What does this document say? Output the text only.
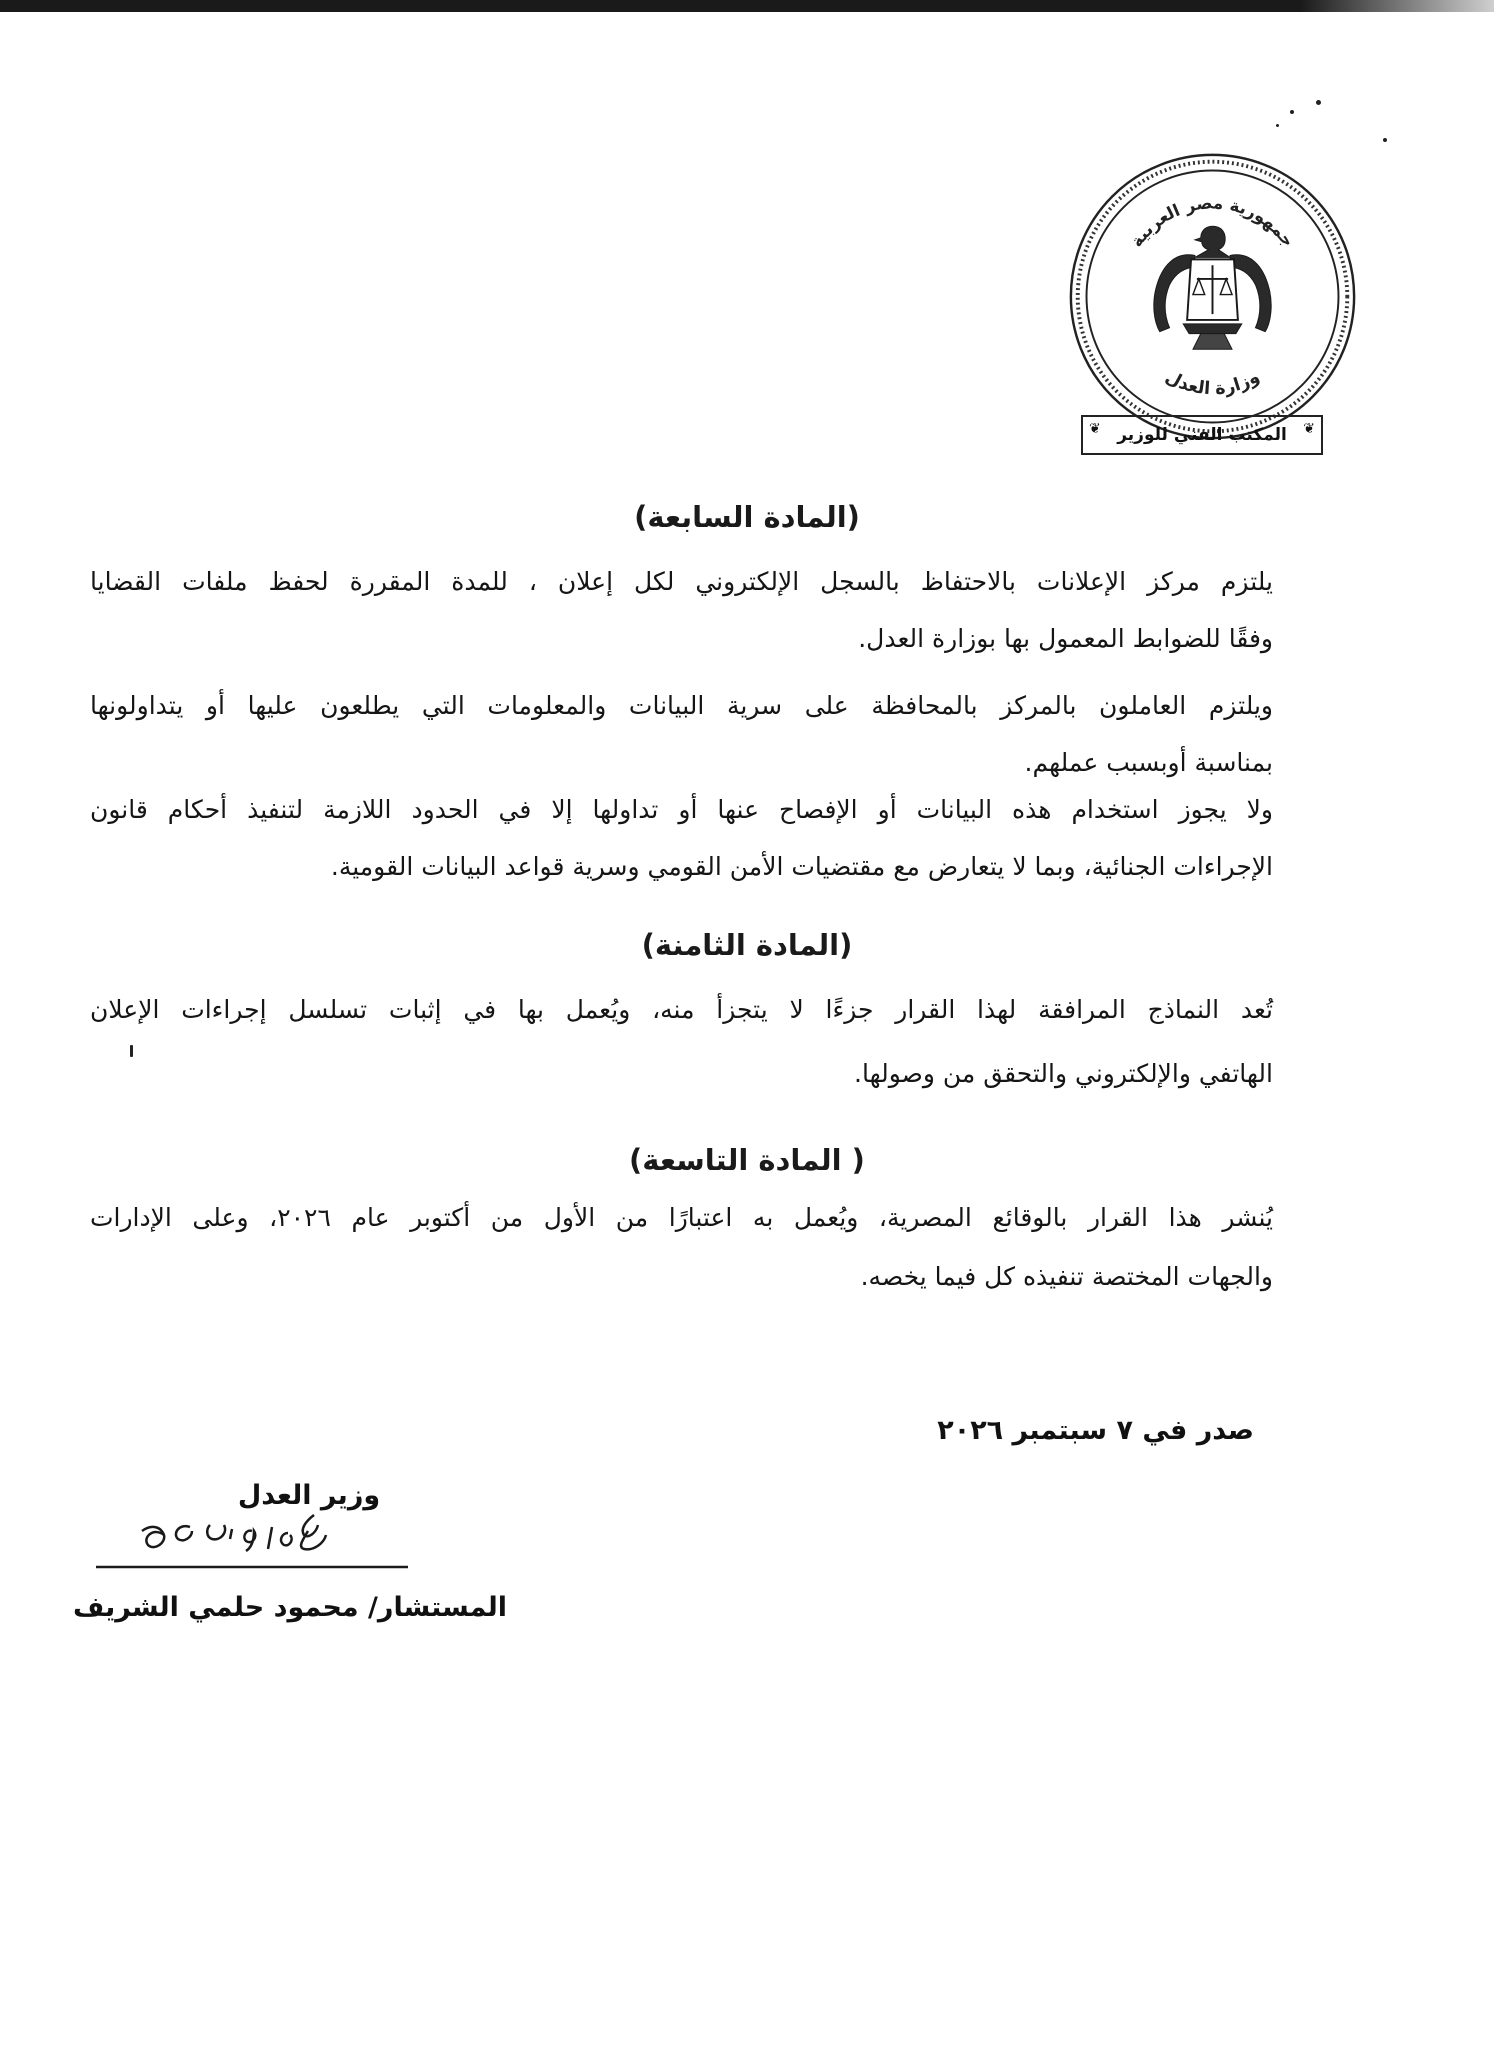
جمهورية مصر العربية
وزارة العدل
❦
المكتب الفني للوزير
❦
(المادة السابعة)
يلتزم مركز الإعلانات بالاحتفاظ بالسجل الإلكتروني لكل إعلان ، للمدة المقررة لحفظ ملفات القضايا
وفقًا للضوابط المعمول بها بوزارة العدل.
ويلتزم العاملون بالمركز بالمحافظة على سرية البيانات والمعلومات التي يطلعون عليها أو يتداولونها
بمناسبة أوبسبب عملهم.
ولا يجوز استخدام هذه البيانات أو الإفصاح عنها أو تداولها إلا في الحدود اللازمة لتنفيذ أحكام قانون
الإجراءات الجنائية، وبما لا يتعارض مع مقتضيات الأمن القومي وسرية قواعد البيانات القومية.
(المادة الثامنة)
تُعد النماذج المرافقة لهذا القرار جزءًا لا يتجزأ منه، ويُعمل بها في إثبات تسلسل إجراءات الإعلان
الهاتفي والإلكتروني والتحقق من وصولها.
( المادة التاسعة)
يُنشر هذا القرار بالوقائع المصرية، ويُعمل به اعتبارًا من الأول من أكتوبر عام ٢٠٢٦، وعلى الإدارات
والجهات المختصة تنفيذه كل فيما يخصه.
صدر في ٧ سبتمبر ٢٠٢٦
وزير العدل
المستشار/ محمود حلمي الشريف
